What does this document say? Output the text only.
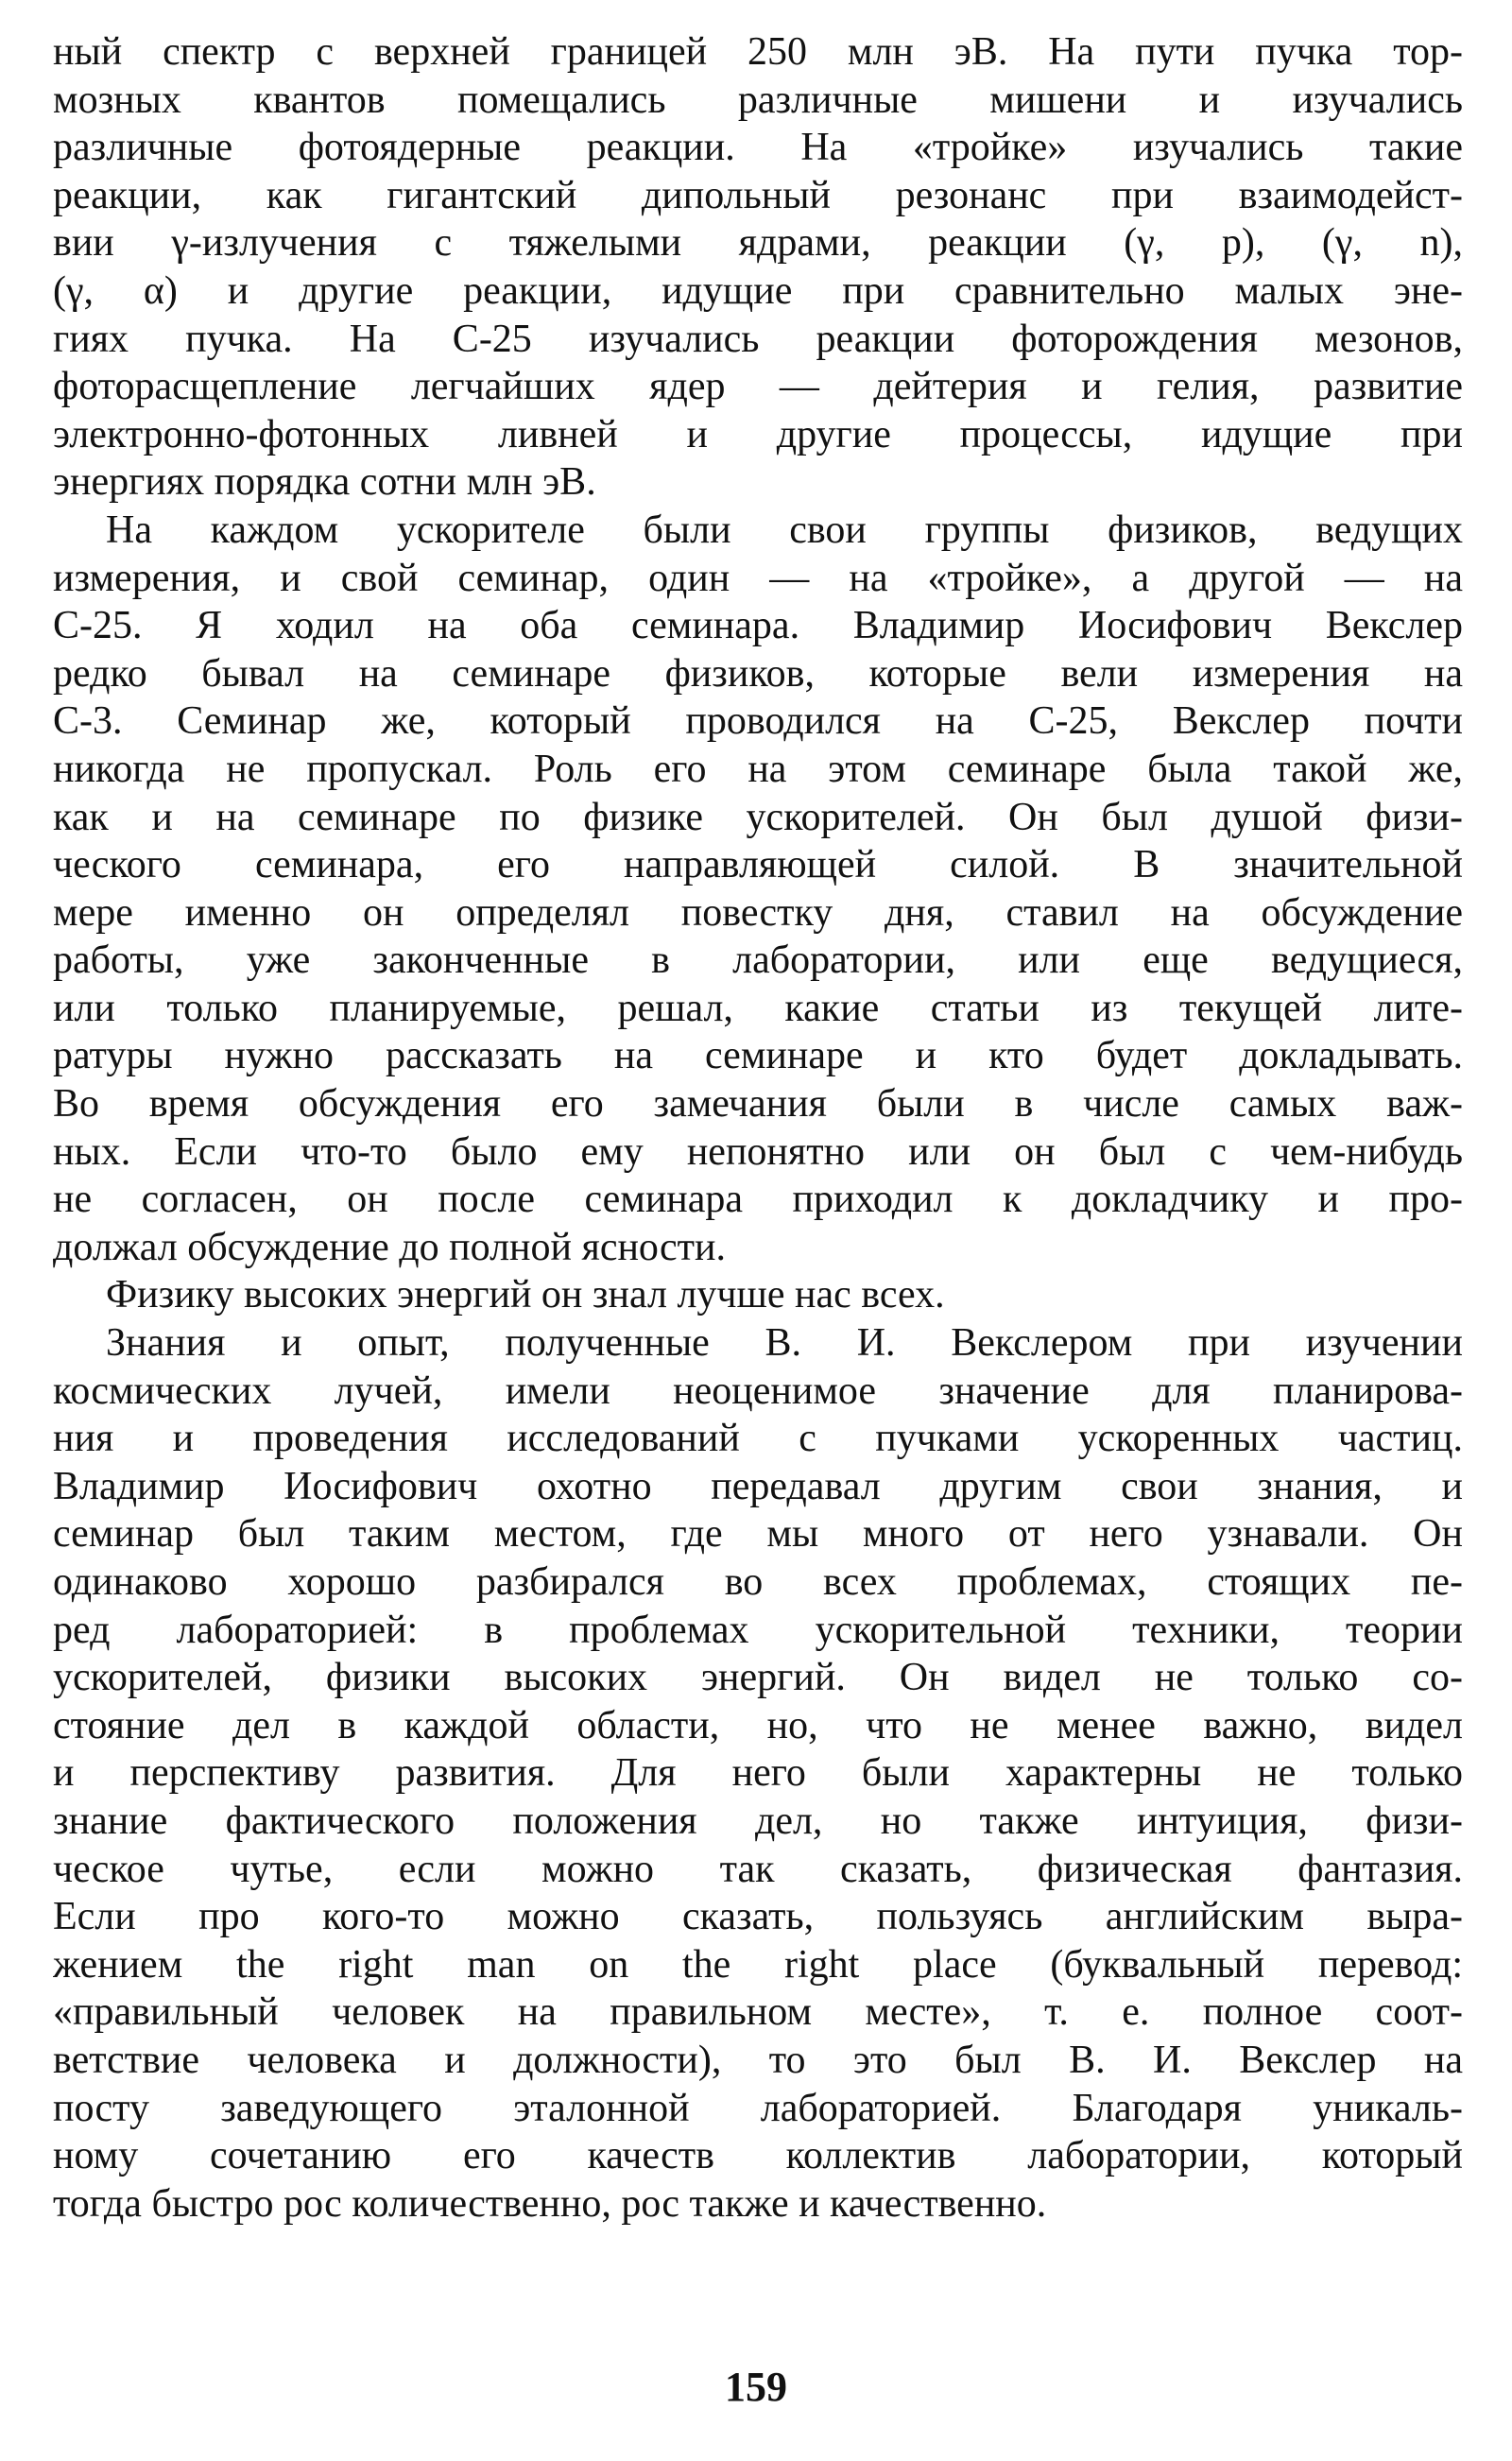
ный спектр с верхней границей 250 млн эВ. На пути пучка тор-
мозных квантов помещались различные мишени и изучались
различные фотоядерные реакции. На «тройке» изучались такие
реакции, как гигантский дипольный резонанс при взаимодейст-
вии γ-излучения с тяжелыми ядрами, реакции (γ, p), (γ, n),
(γ, α) и другие реакции, идущие при сравнительно малых эне-
гиях пучка. На С-25 изучались реакции фоторождения мезонов,
фоторасщепление легчайших ядер — дейтерия и гелия, развитие
электронно-фотонных ливней и другие процессы, идущие при
энергиях порядка сотни млн эВ.
На каждом ускорителе были свои группы физиков, ведущих
измерения, и свой семинар, один — на «тройке», а другой — на
С-25. Я ходил на оба семинара. Владимир Иосифович Векслер
редко бывал на семинаре физиков, которые вели измерения на
С-3. Семинар же, который проводился на С-25, Векслер почти
никогда не пропускал. Роль его на этом семинаре была такой же,
как и на семинаре по физике ускорителей. Он был душой физи-
ческого семинара, его направляющей силой. В значительной
мере именно он определял повестку дня, ставил на обсуждение
работы, уже законченные в лаборатории, или еще ведущиеся,
или только планируемые, решал, какие статьи из текущей лите-
ратуры нужно рассказать на семинаре и кто будет докладывать.
Во время обсуждения его замечания были в числе самых важ-
ных. Если что-то было ему непонятно или он был с чем-нибудь
не согласен, он после семинара приходил к докладчику и про-
должал обсуждение до полной ясности.
Физику высоких энергий он знал лучше нас всех.
Знания и опыт, полученные В. И. Векслером при изучении
космических лучей, имели неоценимое значение для планирова-
ния и проведения исследований с пучками ускоренных частиц.
Владимир Иосифович охотно передавал другим свои знания, и
семинар был таким местом, где мы много от него узнавали. Он
одинаково хорошо разбирался во всех проблемах, стоящих пе-
ред лабораторией: в проблемах ускорительной техники, теории
ускорителей, физики высоких энергий. Он видел не только со-
стояние дел в каждой области, но, что не менее важно, видел
и перспективу развития. Для него были характерны не только
знание фактического положения дел, но также интуиция, физи-
ческое чутье, если можно так сказать, физическая фантазия.
Если про кого-то можно сказать, пользуясь английским выра-
жением the right man on the right place (буквальный перевод:
«правильный человек на правильном месте», т. е. полное соот-
ветствие человека и должности), то это был В. И. Векслер на
посту заведующего эталонной лабораторией. Благодаря уникаль-
ному сочетанию его качеств коллектив лаборатории, который
тогда быстро рос количественно, рос также и качественно.
159
